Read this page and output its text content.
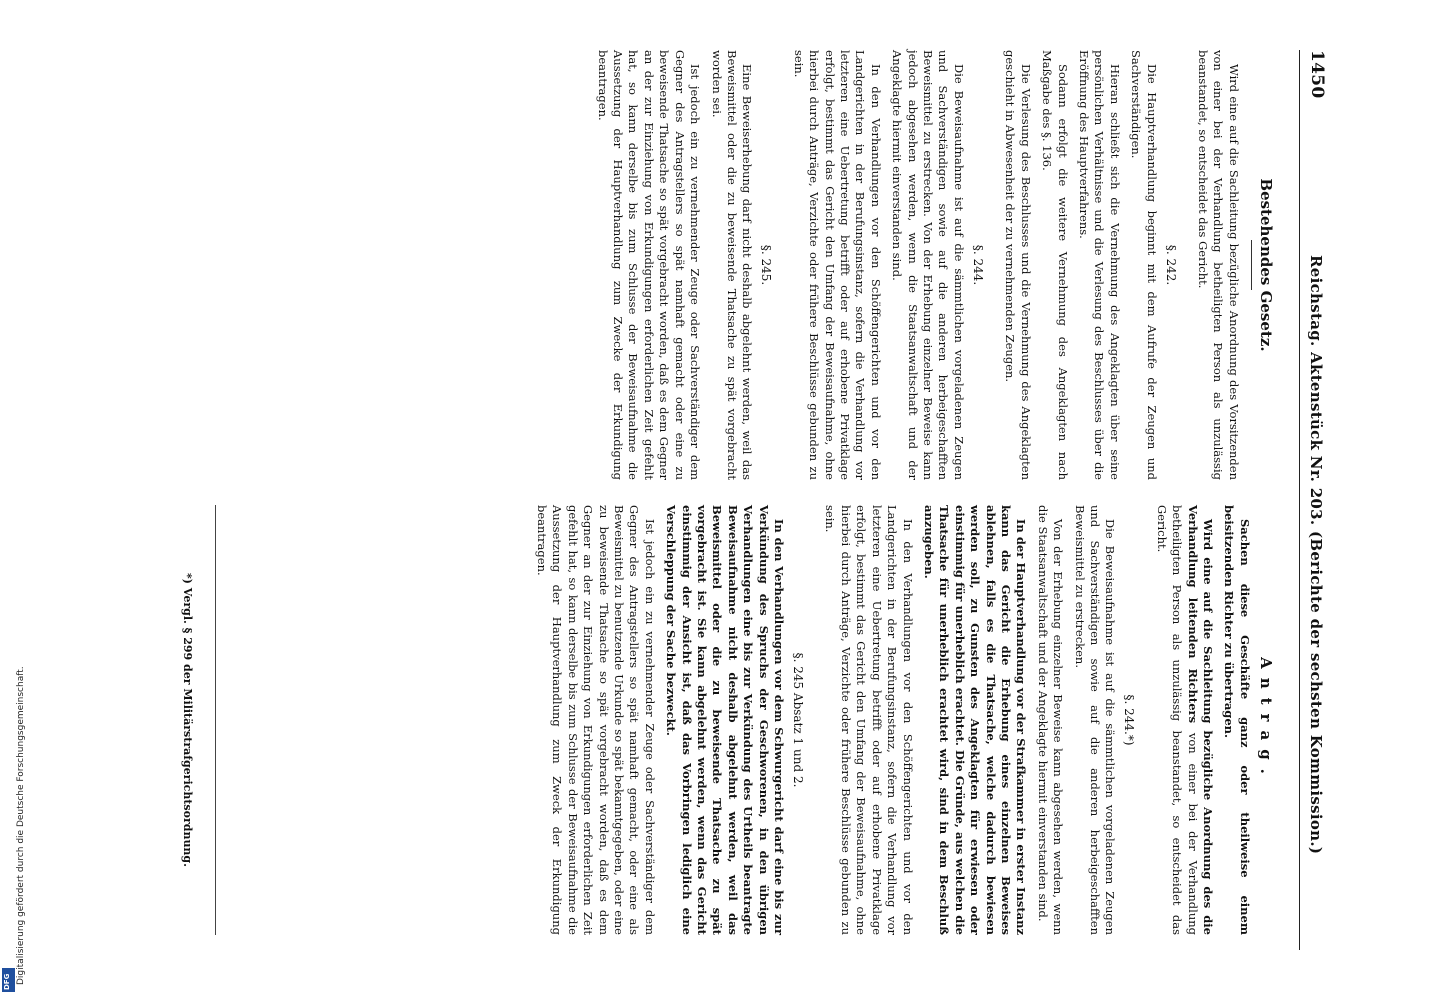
1450
Reichstag. Aktenstück Nr. 203. (Berichte der sechsten Kommission.)
Bestehendes Gesetz.

Wird eine auf die Sachleitung bezügliche Anordnung des Vorsitzenden von einer bei der Verhandlung betheiligten Person als unzulässig beanstandet, so entscheidet das Gericht.

§. 242.

Die Hauptverhandlung beginnt mit dem Aufrufe der Zeugen und Sachverständigen.

Hieran schließt sich die Vernehmung des Angeklagten über seine persönlichen Verhältnisse und die Verlesung des Beschlusses über die Eröffnung des Hauptverfahrens.

Sodann erfolgt die weitere Vernehmung des Angeklagten nach Maßgabe des §. 136.

Die Verlesung des Beschlusses und die Vernehmung des Angeklagten geschieht in Abwesenheit der zu vernehmenden Zeugen.

§. 244.

Die Beweisaufnahme ist auf die sämmtlichen vorgeladenen Zeugen und Sachverständigen sowie auf die anderen herbeigeschafften Beweismittel zu erstrecken. Von der Erhebung einzelner Beweise kann jedoch abgesehen werden, wenn die Staatsanwaltschaft und der Angeklagte hiermit einverstanden sind.

In den Verhandlungen vor den Schöffengerichten und vor den Landgerichten in der Berufungsinstanz, sofern die Verhandlung vor letzteren eine Uebertretung betrifft oder auf erhobene Privatklage erfolgt, bestimmt das Gericht den Umfang der Beweisaufnahme, ohne hierbei durch Anträge, Verzichte oder frühere Beschlüsse gebunden zu sein.

§. 245.

Eine Beweiserhebung darf nicht deshalb abgelehnt werden, weil das Beweismittel oder die zu beweisende Thatsache zu spät vorgebracht worden sei.

Ist jedoch ein zu vernehmender Zeuge oder Sachverständiger dem Gegner des Antragstellers so spät namhaft gemacht oder eine zu beweisende Thatsache so spät vorgebracht worden, daß es dem Gegner an der zur Einziehung von Erkundigungen erforderlichen Zeit gefehlt hat, so kann derselbe bis zum Schlusse der Beweisaufnahme die Aussetzung der Hauptverhandlung zum Zwecke der Erkundigung beantragen.

Antrag.

Sachen diese Geschäfte ganz oder theilweise einem beisitzenden Richter zu übertragen.

Wird eine auf die Sachleitung bezügliche Anordnung des die Verhandlung leitenden Richters von einer bei der Verhandlung betheiligten Person als unzulässig beanstandet, so entscheidet das Gericht.

§. 244.*)

Die Beweisaufnahme ist auf die sämmtlichen vorgeladenen Zeugen und Sachverständigen sowie auf die anderen herbeigeschafften Beweismittel zu erstrecken.

Von der Erhebung einzelner Beweise kann abgesehen werden, wenn die Staatsanwaltschaft und der Angeklagte hiermit einverstanden sind.

In der Hauptverhandlung vor der Strafkammer in erster Instanz kann das Gericht die Erhebung eines einzelnen Beweises ablehnen, falls es die Thatsache, welche dadurch bewiesen werden soll, zu Gunsten des Angeklagten für erwiesen oder einstimmig für unerheblich erachtet. Die Gründe, aus welchen die Thatsache für unerheblich erachtet wird, sind in dem Beschluß anzugeben.

In den Verhandlungen vor den Schöffengerichten und vor den Landgerichten in der Berufungsinstanz, sofern die Verhandlung vor letzteren eine Uebertretung betrifft oder auf erhobene Privatklage erfolgt, bestimmt das Gericht den Umfang der Beweisaufnahme, ohne hierbei durch Anträge, Verzichte oder frühere Beschlüsse gebunden zu sein.

§. 245 Absatz 1 und 2.

In den Verhandlungen vor dem Schwurgericht darf eine bis zur Verkündung des Spruchs der Geschworenen, in den übrigen Verhandlungen eine bis zur Verkündung des Urtheils beantragte Beweisaufnahme nicht deshalb abgelehnt werden, weil das Beweismittel oder die zu beweisende Thatsache zu spät vorgebracht ist. Sie kann abgelehnt werden, wenn das Gericht einstimmig der Ansicht ist, daß das Vorbringen lediglich eine Verschleppung der Sache bezweckt.

Ist jedoch ein zu vernehmender Zeuge oder Sachverständiger dem Gegner des Antragstellers so spät namhaft gemacht, oder eine als Beweismittel zu benutzende Urkunde so spät bekanntgegeben, oder eine zu beweisende Thatsache so spät vorgebracht worden, daß es dem Gegner an der zur Einziehung von Erkundigungen erforderlichen Zeit gefehlt hat, so kann derselbe bis zum Schlusse der Beweisaufnahme die Aussetzung der Hauptverhandlung zum Zweck der Erkundigung beantragen.

*) Vergl. § 299 der Militärstrafgerichtsordnung.
Digitalisierung gefördert durch die Deutsche Forschungsgemeinschaft.
DFG
